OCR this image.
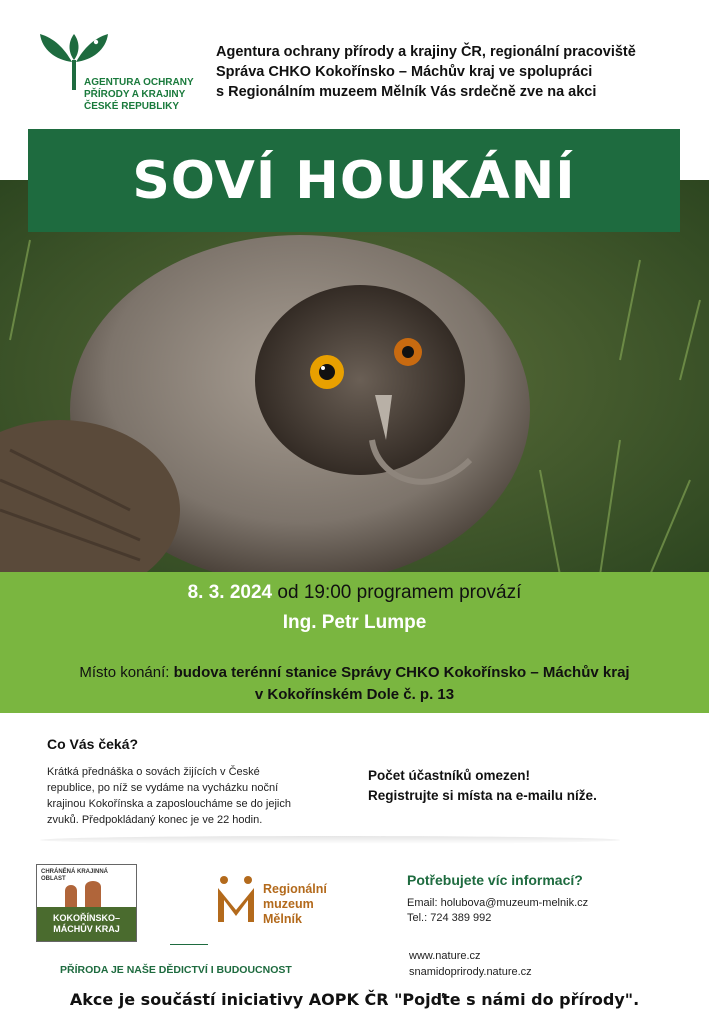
AGENTURA OCHRANY
PŘÍRODY A KRAJINY
ČESKÉ REPUBLIKY
Agentura ochrany přírody a krajiny ČR, regionální pracoviště
Správa CHKO Kokořínsko – Máchův kraj ve spolupráci
s Regionálním muzeem Mělník Vás srdečně zve na akci
SOVÍ HOUKÁNÍ
8. 3. 2024 od 19:00 programem provází
Ing. Petr Lumpe
Místo konání: budova terénní stanice Správy CHKO Kokořínsko – Máchův kraj
v Kokořínském Dole č. p. 13
Co Vás čeká?
Krátká přednáška o sovách žijících v České
republice, po níž se vydáme na vycházku noční
krajinou Kokořínska a zaposloucháme se do jejich
zvuků. Předpokládaný konec je ve 22 hodin.
Počet účastníků omezen!
Registrujte si místa na e-mailu níže.
CHRÁNĚNÁ KRAJINNÁ
OBLAST
KOKOŘÍNSKO–
MÁCHŮV KRAJ
Regionální
muzeum
Mělník
PŘÍRODA JE NAŠE DĚDICTVÍ I BUDOUCNOST
Potřebujete víc informací?
Email: holubova@muzeum-melnik.cz
Tel.: 724 389 992
www.nature.cz
snamidoprirody.nature.cz
Akce je součástí iniciativy AOPK ČR "Pojďte s námi do přírody".
